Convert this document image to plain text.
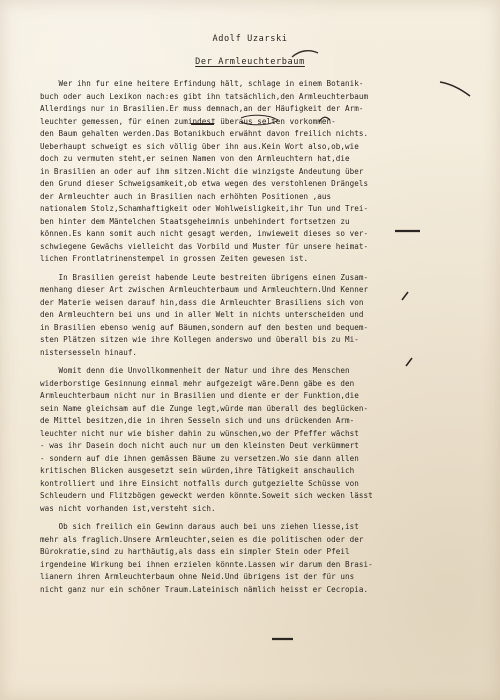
Adolf Uzarski
Der Armleuchterbaum
Wer ihn fur eine heitere Erfindung hält, schlage in einem Botanik-
buch oder auch Lexikon nach:es gibt ihn tatsächlich,den Armleuchterbaum
Allerdings nur in Brasilien.Er muss demnach,an der Häufigkeit der Arm-
leuchter gemessen, für einen zumindest überaus selten vorkommen-
den Baum gehalten werden.Das Botanikbuch erwähnt davon freilich nichts.
Ueberhaupt schweigt es sich völlig über ihn aus.Kein Wort also,ob,wie
doch zu vermuten steht,er seinen Namen von den Armleuchtern hat,die
in Brasilien an oder auf ihm sitzen.Nicht die winzigste Andeutung über
den Grund dieser Schweigsamkeit,ob etwa wegen des verstohlenen Drängels
der Armleuchter auch in Brasilien nach erhöhten Positionen ,aus
nationalem Stolz,Schamhaftigkeit oder Wohlweisligkeit,ihr Tun und Trei-
ben hinter dem Mäntelchen Staatsgeheimnis unbehindert fortsetzen zu
können.Es kann somit auch nicht gesagt werden, inwieweit dieses so ver-
schwiegene Gewächs vielleicht das Vorbild und Muster für unsere heimat-
lichen Frontlatrinenstempel in grossen Zeiten gewesen ist.
In Brasilien gereist habende Leute bestreiten übrigens einen Zusam-
menhang dieser Art zwischen Armleuchterbaum und Armleuchtern.Und Kenner
der Materie weisen darauf hin,dass die Armleuchter Brasiliens sich von
den Armleuchtern bei uns und in aller Welt in nichts unterscheiden und
in Brasilien ebenso wenig auf Bäumen,sondern auf den besten und bequem-
sten Plätzen sitzen wie ihre Kollegen anderswo und überall bis zu Mi-
nistersesseln hinauf.
Womit denn die Unvollkommenheit der Natur und ihre des Menschen
widerborstige Gesinnung einmal mehr aufgezeigt wäre.Denn gäbe es den
Armleuchterbaum nicht nur in Brasilien und diente er der Funktion,die
sein Name gleichsam auf die Zunge legt,würde man überall des beglücken-
de Mittel besitzen,die in ihren Sesseln sich und uns drückenden Arm-
leuchter nicht nur wie bisher dahin zu wünschen,wo der Pfeffer wächst
- was ihr Dasein doch nicht auch nur um den kleinsten Deut verkümmert
- sondern auf die ihnen gemässen Bäume zu versetzen.Wo sie dann allen
kritischen Blicken ausgesetzt sein würden,ihre Tätigkeit anschaulich
kontrolliert und ihre Einsicht notfalls durch gutgezielte Schüsse von
Schleudern und Flitzbögen geweckt werden könnte.Soweit sich wecken lässt
was nicht vorhanden ist,versteht sich.
Ob sich freilich ein Gewinn daraus auch bei uns ziehen liesse,ist
mehr als fraglich.Unsere Armleuchter,seien es die politischen oder der
Bürokratie,sind zu harthäutig,als dass ein simpler Stein oder Pfeil
irgendeine Wirkung bei ihnen erzielen könnte.Lassen wir darum den Brasi-
lianern ihren Armleuchterbaum ohne Neid.Und übrigens ist der für uns
nicht ganz nur ein schöner Traum.Lateinisch nämlich heisst er Cecropia.
